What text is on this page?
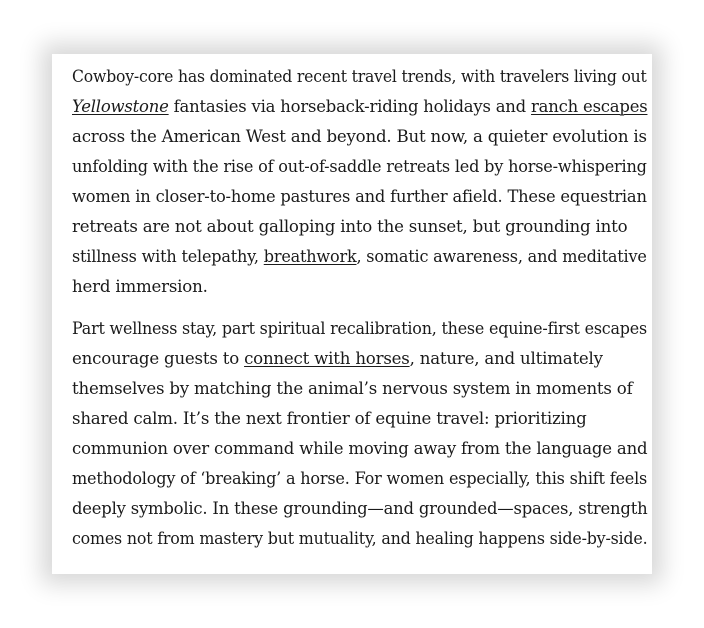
Cowboy-core has dominated recent travel trends, with travelers living out
Yellowstone fantasies via horseback-riding holidays and ranch escapes
across the American West and beyond. But now, a quieter evolution is
unfolding with the rise of out-of-saddle retreats led by horse-whispering
women in closer-to-home pastures and further afield. These equestrian
retreats are not about galloping into the sunset, but grounding into
stillness with telepathy, breathwork, somatic awareness, and meditative
herd immersion.

Part wellness stay, part spiritual recalibration, these equine-first escapes
encourage guests to connect with horses, nature, and ultimately
themselves by matching the animal’s nervous system in moments of
shared calm. It’s the next frontier of equine travel: prioritizing
communion over command while moving away from the language and
methodology of ‘breaking’ a horse. For women especially, this shift feels
deeply symbolic. In these grounding—and grounded—spaces, strength
comes not from mastery but mutuality, and healing happens side-by-side.
